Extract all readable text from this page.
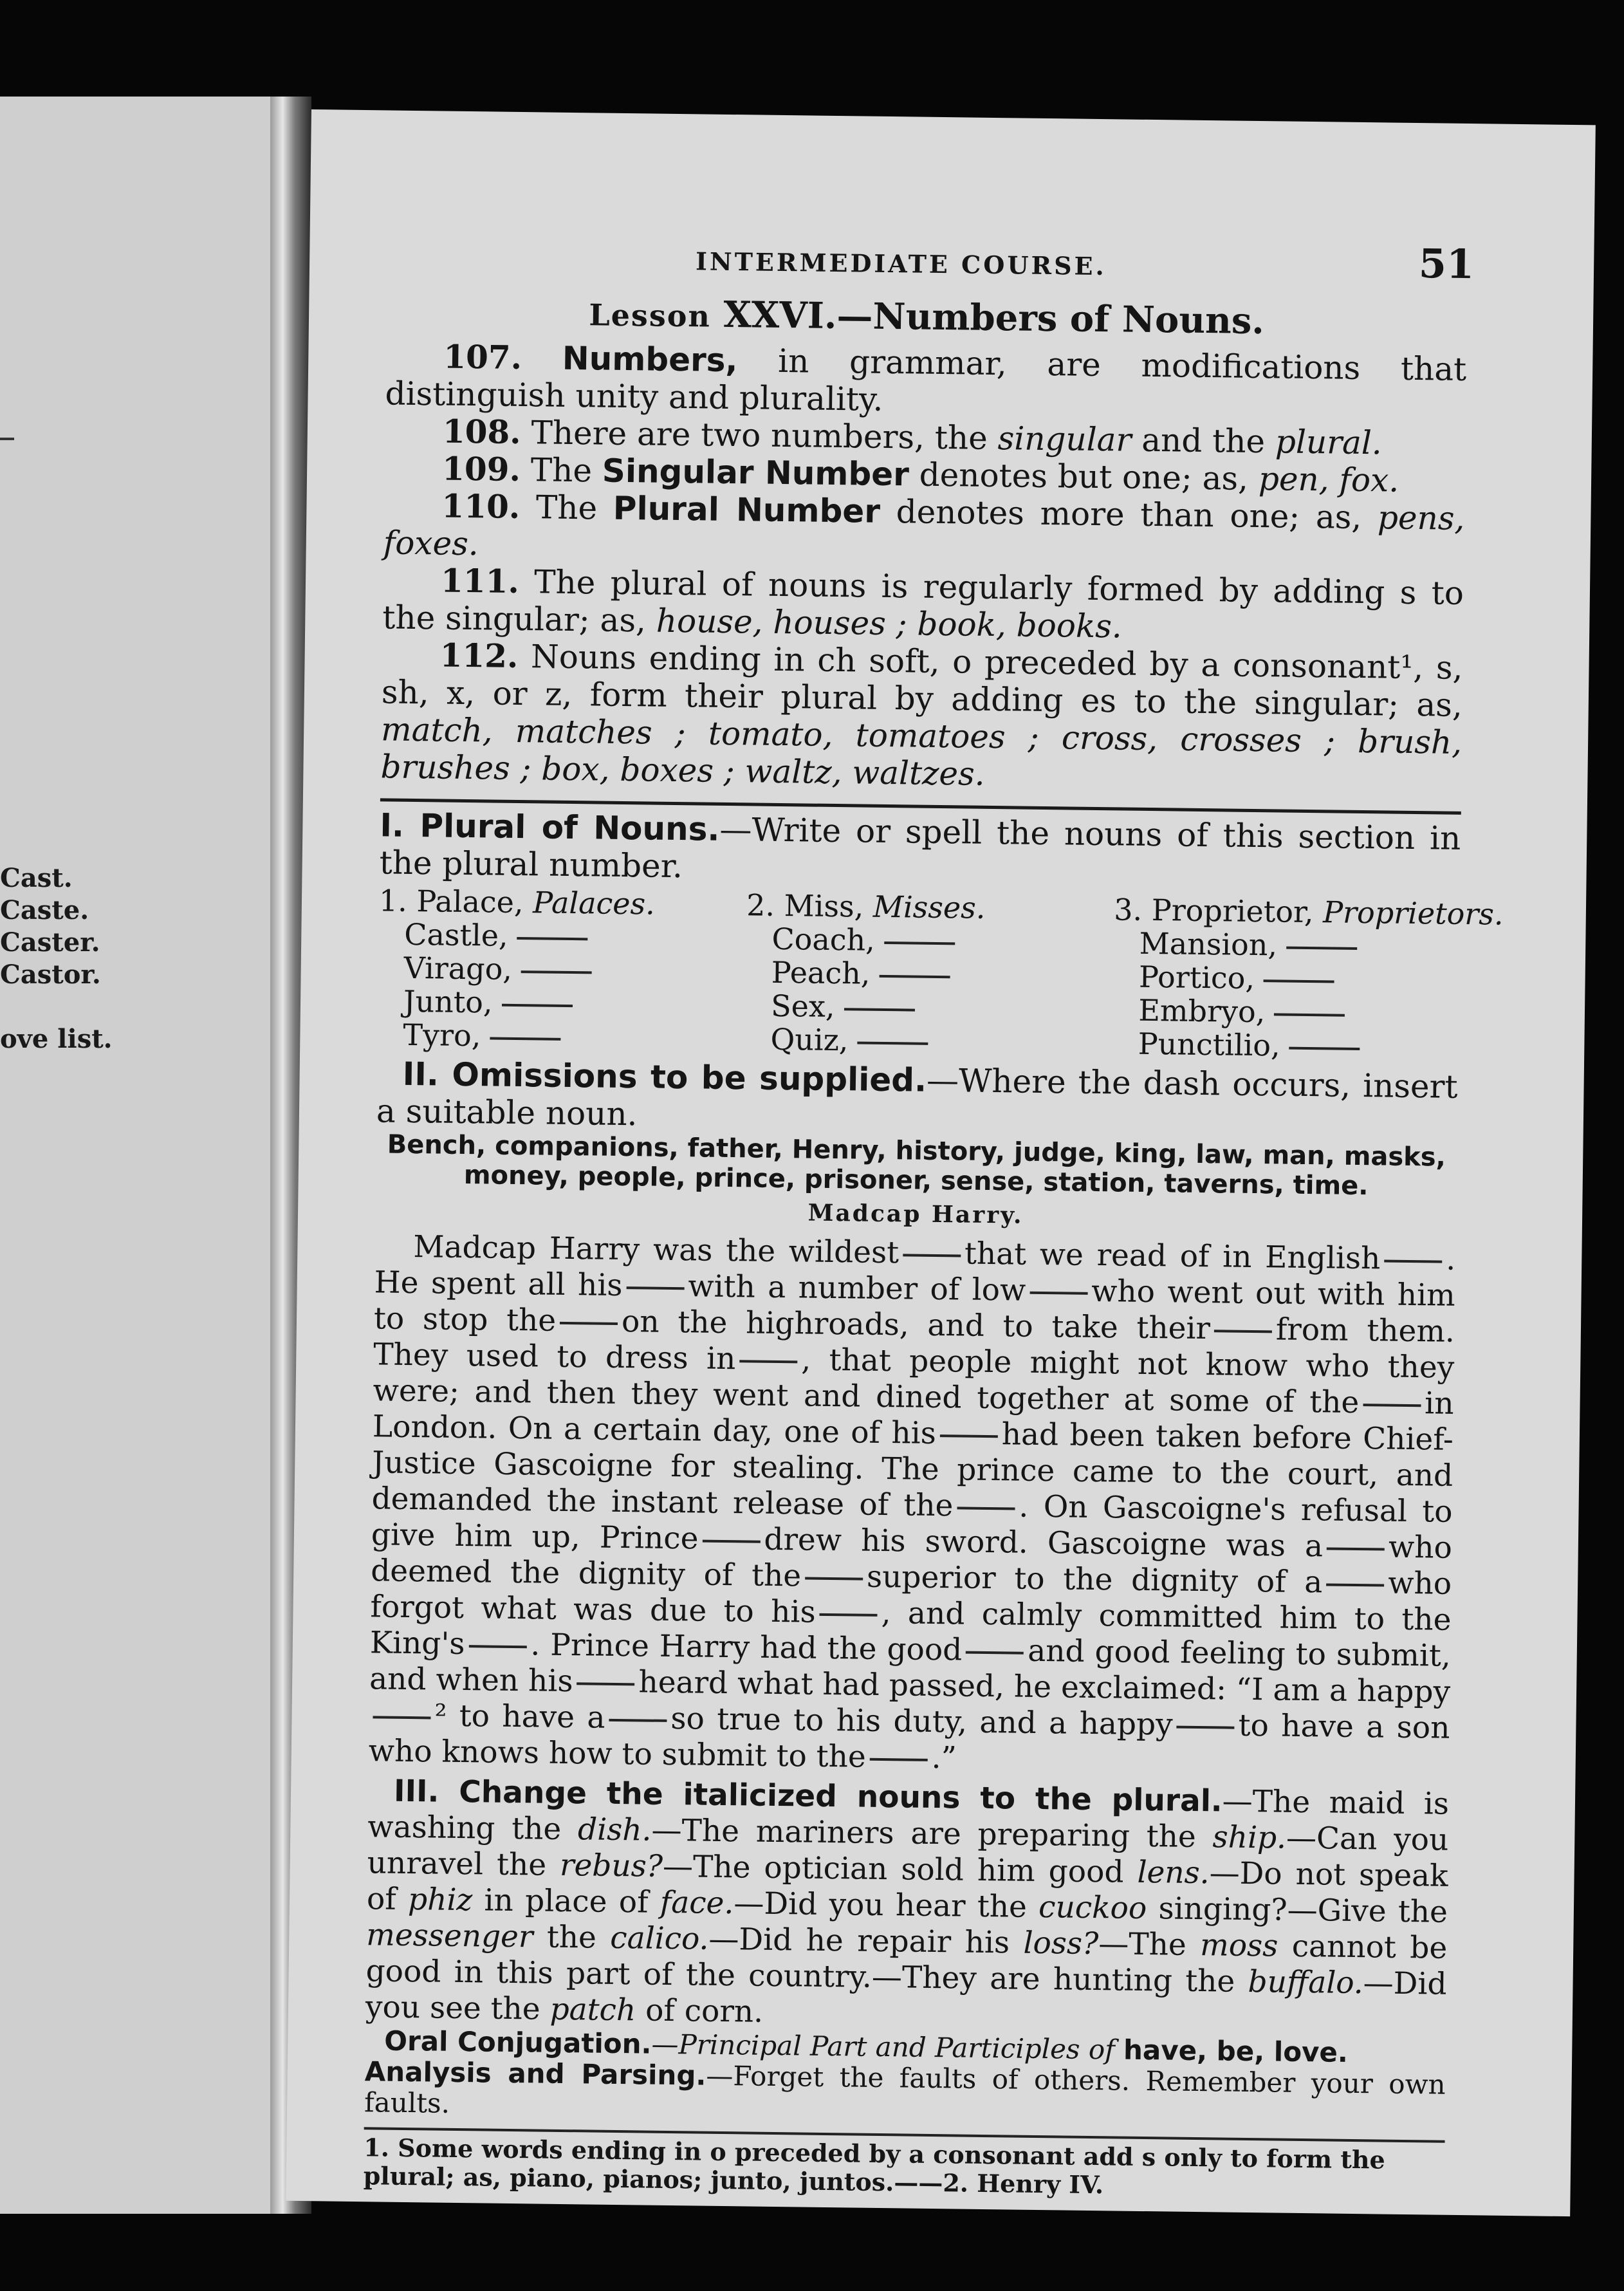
Cast.
Caste.
Caster.
Castor.
ove list.
INTERMEDIATE COURSE.	51
Lesson XXVI.—Numbers of Nouns.

107. Numbers, in grammar, are modifications that distinguish unity and plurality.

108. There are two numbers, the singular and the plural.

109. The Singular Number denotes but one; as, pen, fox.

110. The Plural Number denotes more than one; as, pens, foxes.

111. The plural of nouns is regularly formed by adding s to the singular; as, house, houses ; book, books.

112. Nouns ending in ch soft, o preceded by a consonant¹, s, sh, x, or z, form their plural by adding es to the singular; as, match, matches ; tomato, tomatoes ; cross, crosses ; brush, brushes ; box, boxes ; waltz, waltzes.

I. Plural of Nouns.—Write or spell the nouns of this section in the plural number.

1. Palace, Palaces.
Castle,
Virago,
Junto,
Tyro,
2. Miss, Misses.
Coach,
Peach,
Sex,
Quiz,
3. Proprietor, Proprietors.
Mansion,
Portico,
Embryo,
Punctilio,

II. Omissions to be supplied.—Where the dash occurs, insert a suitable noun.

Bench, companions, father, Henry, history, judge, king, law, man, masks,
money, people, prince, prisoner, sense, station, taverns, time.
Madcap Harry.

Madcap Harry was the wildest that we read of in English . He spent all his with a number of low who went out with him to stop the on the highroads, and to take their from them. They used to dress in , that people might not know who they were; and then they went and dined together at some of the in London. On a certain day, one of his had been taken before Chief-Justice Gascoigne for stealing. The prince came to the court, and demanded the instant release of the . On Gascoigne's refusal to give him up, Prince drew his sword. Gascoigne was a who deemed the dignity of the superior to the dignity of a who forgot what was due to his , and calmly committed him to the King's . Prince Harry had the good and good feeling to submit, and when his heard what had passed, he exclaimed: “I am a happy² to have a so true to his duty, and a happy to have a son who knows how to submit to the .”

III. Change the italicized nouns to the plural.—The maid is washing the dish.—The mariners are preparing the ship.—Can you unravel the rebus?—The optician sold him good lens.—Do not speak of phiz in place of face.—Did you hear the cuckoo singing?—Give the messenger the calico.—Did he repair his loss?—The moss cannot be good in this part of the country.—They are hunting the buffalo.—Did you see the patch of corn.

Oral Conjugation.—Principal Part and Participles of have, be, love.

Analysis and Parsing.—Forget the faults of others. Remember your own faults.

1. Some words ending in o preceded by a consonant add s only to form the plural; as, piano, pianos; junto, juntos.——2. Henry IV.
